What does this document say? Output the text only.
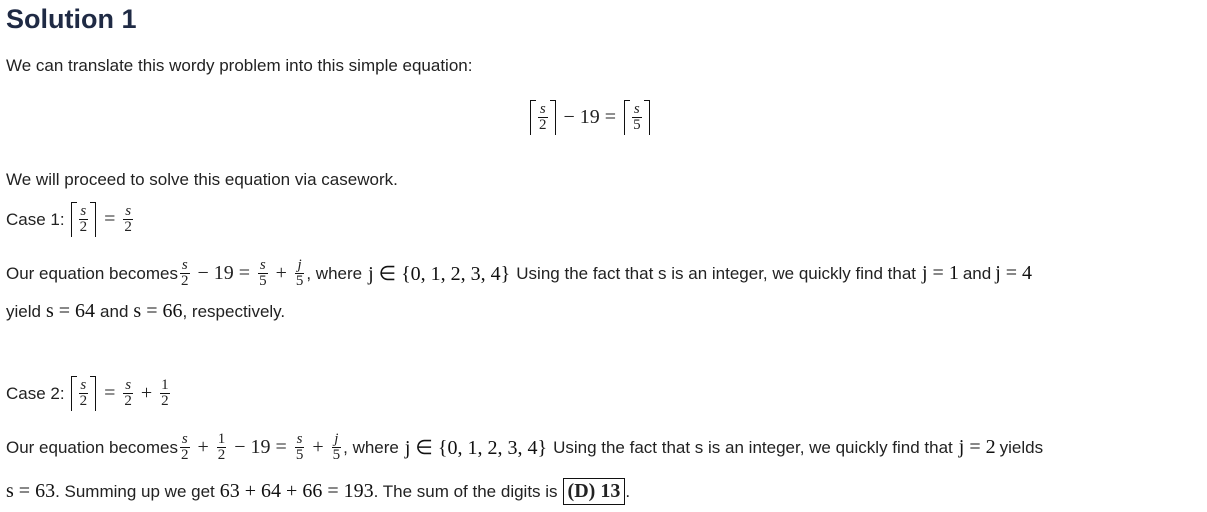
Solution 1
We can translate this wordy problem into this simple equation:
$\frac{s}{2} - 19 = \frac{s}{5}$
We will proceed to solve this equation via casework.
Case 1: $\frac{s}{2} = \frac{s}{2}$
Our equation becomes $\frac{s}{2} - 19 = \frac{s}{5} + \frac{j}{5}$ , where j ∈ {0, 1, 2, 3, 4} Using the fact that s is an integer, we quickly find that j = 1 and j = 4
yield s = 64 and s = 66 , respectively.
Case 2: $\frac{s}{2} = \frac{s}{2} + \frac{1}{2}$
Our equation becomes $\frac{s}{2} + \frac{1}{2} - 19 = \frac{s}{5} + \frac{j}{5}$ , where j ∈ {0, 1, 2, 3, 4} Using the fact that s is an integer, we quickly find that j = 2 yields
s = 63 . Summing up we get 63 + 64 + 66 = 193 . The sum of the digits is (D) 13 .
